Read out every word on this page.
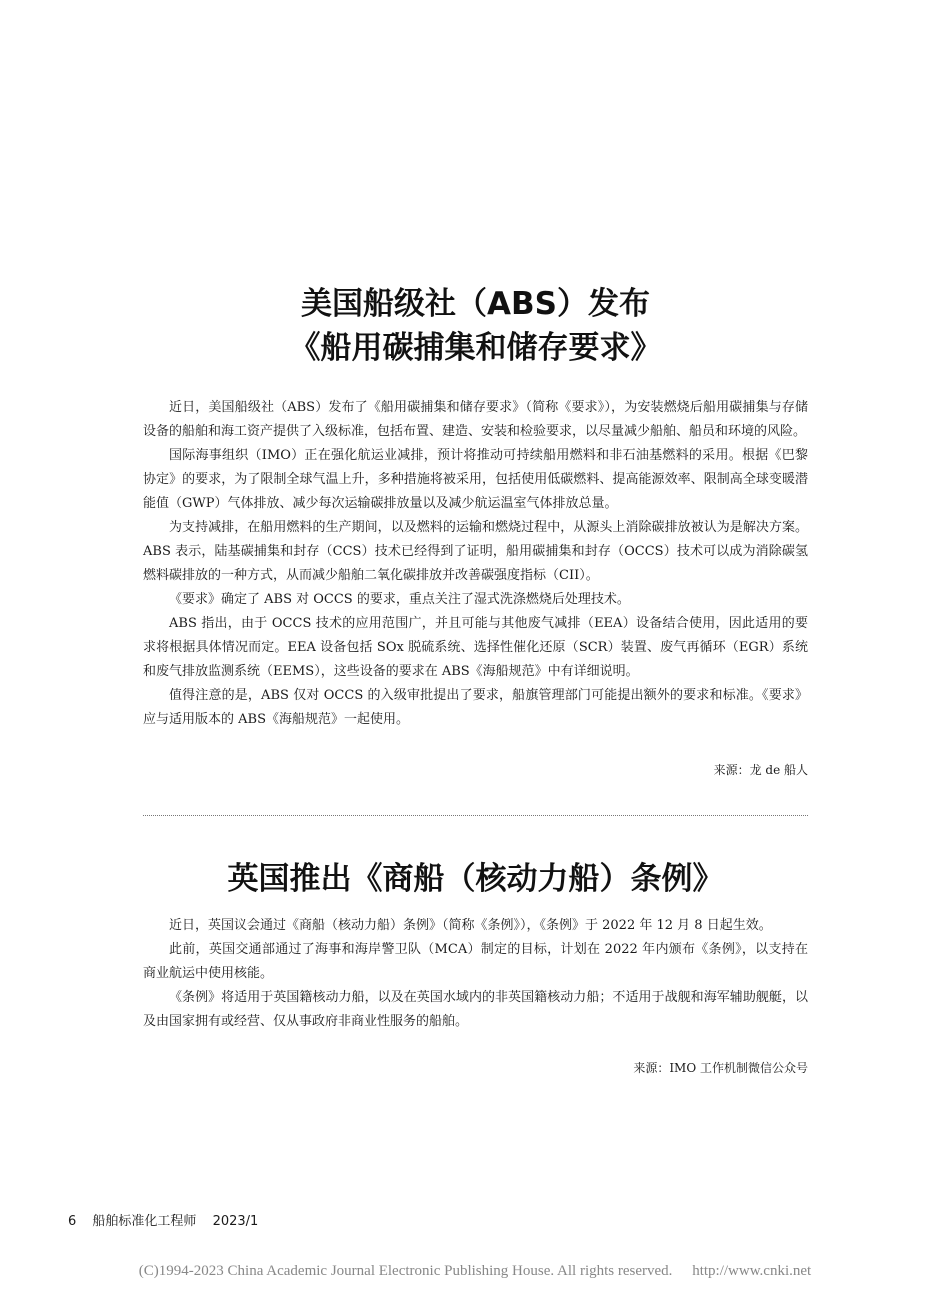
美国船级社（ABS）发布
《船用碳捕集和储存要求》

近日，美国船级社（ABS）发布了《船用碳捕集和储存要求》（简称《要求》），为安装燃烧后船用碳捕集与存储设备的船舶和海工资产提供了入级标准，包括布置、建造、安装和检验要求，以尽量减少船舶、船员和环境的风险。

国际海事组织（IMO）正在强化航运业减排，预计将推动可持续船用燃料和非石油基燃料的采用。根据《巴黎协定》的要求，为了限制全球气温上升，多种措施将被采用，包括使用低碳燃料、提高能源效率、限制高全球变暖潜能值（GWP）气体排放、减少每次运输碳排放量以及减少航运温室气体排放总量。

为支持减排，在船用燃料的生产期间，以及燃料的运输和燃烧过程中，从源头上消除碳排放被认为是解决方案。ABS 表示，陆基碳捕集和封存（CCS）技术已经得到了证明，船用碳捕集和封存（OCCS）技术可以成为消除碳氢燃料碳排放的一种方式，从而减少船舶二氧化碳排放并改善碳强度指标（CII）。

《要求》确定了 ABS 对 OCCS 的要求，重点关注了湿式洗涤燃烧后处理技术。

ABS 指出，由于 OCCS 技术的应用范围广，并且可能与其他废气减排（EEA）设备结合使用，因此适用的要求将根据具体情况而定。EEA 设备包括 SOx 脱硫系统、选择性催化还原（SCR）装置、废气再循环（EGR）系统和废气排放监测系统（EEMS），这些设备的要求在 ABS《海船规范》中有详细说明。

值得注意的是，ABS 仅对 OCCS 的入级审批提出了要求，船旗管理部门可能提出额外的要求和标准。《要求》应与适用版本的 ABS《海船规范》一起使用。

来源：龙 de 船人
英国推出《商船（核动力船）条例》

近日，英国议会通过《商船（核动力船）条例》（简称《条例》），《条例》于 2022 年 12 月 8 日起生效。

此前，英国交通部通过了海事和海岸警卫队（MCA）制定的目标，计划在 2022 年内颁布《条例》，以支持在商业航运中使用核能。

《条例》将适用于英国籍核动力船，以及在英国水域内的非英国籍核动力船；不适用于战舰和海军辅助舰艇，以及由国家拥有或经营、仅从事政府非商业性服务的船舶。

来源：IMO 工作机制微信公众号
6 船舶标准化工程师 2023/1
(C)1994-2023 China Academic Journal Electronic Publishing House. All rights reserved. http://www.cnki.net
